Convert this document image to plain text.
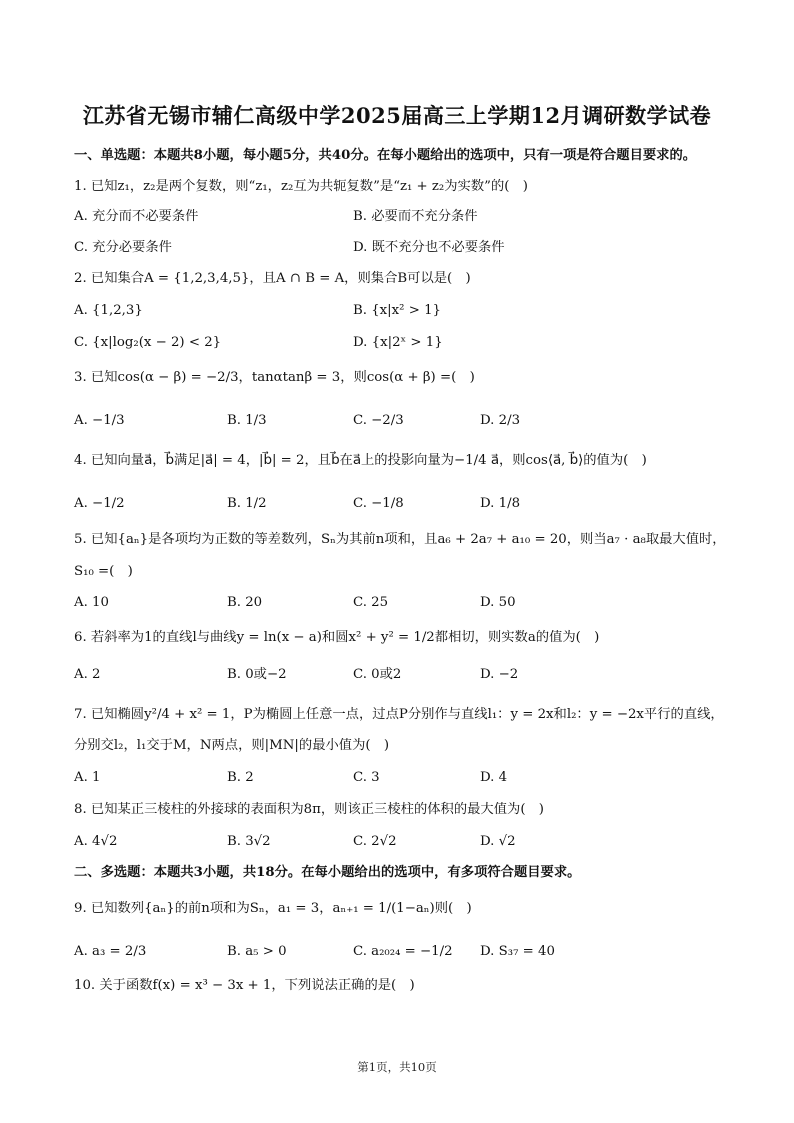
江苏省无锡市辅仁高级中学2025届高三上学期12月调研数学试卷
一、单选题：本题共8小题，每小题5分，共40分。在每小题给出的选项中，只有一项是符合题目要求的。
1. 已知z₁，z₂是两个复数，则“z₁，z₂互为共轭复数”是“z₁ + z₂为实数”的(　)
A. 充分而不必要条件	B. 必要而不充分条件
C. 充分必要条件	D. 既不充分也不必要条件
2. 已知集合A = {1,2,3,4,5}，且A ∩ B = A，则集合B可以是(　)
A. {1,2,3}	B. {x|x² > 1}
C. {x|log₂(x − 2) < 2}	D. {x|2ˣ > 1}
3. 已知cos(α − β) = −2/3，tanαtanβ = 3，则cos(α + β) =(　)
A. −1/3	B. 1/3	C. −2/3	D. 2/3
4. 已知向量a⃗，b⃗满足|a⃗| = 4，|b⃗| = 2，且b⃗在a⃗上的投影向量为−1/4 a⃗，则cos⟨a⃗, b⃗⟩的值为(　)
A. −1/2	B. 1/2	C. −1/8	D. 1/8
5. 已知{aₙ}是各项均为正数的等差数列，Sₙ为其前n项和，且a₆ + 2a₇ + a₁₀ = 20，则当a₇ · a₈取最大值时，
S₁₀ =(　)
A. 10	B. 20	C. 25	D. 50
6. 若斜率为1的直线l与曲线y = ln(x − a)和圆x² + y² = 1/2都相切，则实数a的值为(　)
A. 2	B. 0或−2	C. 0或2	D. −2
7. 已知椭圆y²/4 + x² = 1，P为椭圆上任意一点，过点P分别作与直线l₁：y = 2x和l₂：y = −2x平行的直线，
分别交l₂，l₁交于M，N两点，则|MN|的最小值为(　)
A. 1	B. 2	C. 3	D. 4
8. 已知某正三棱柱的外接球的表面积为8π，则该正三棱柱的体积的最大值为(　)
A. 4√2	B. 3√2	C. 2√2	D. √2
二、多选题：本题共3小题，共18分。在每小题给出的选项中，有多项符合题目要求。
9. 已知数列{aₙ}的前n项和为Sₙ，a₁ = 3，aₙ₊₁ = 1/(1−aₙ)则(　)
A. a₃ = 2/3	B. a₅ > 0	C. a₂₀₂₄ = −1/2 D. S₃₇ = 40
10. 关于函数f(x) = x³ − 3x + 1，下列说法正确的是(　)
第1页，共10页
